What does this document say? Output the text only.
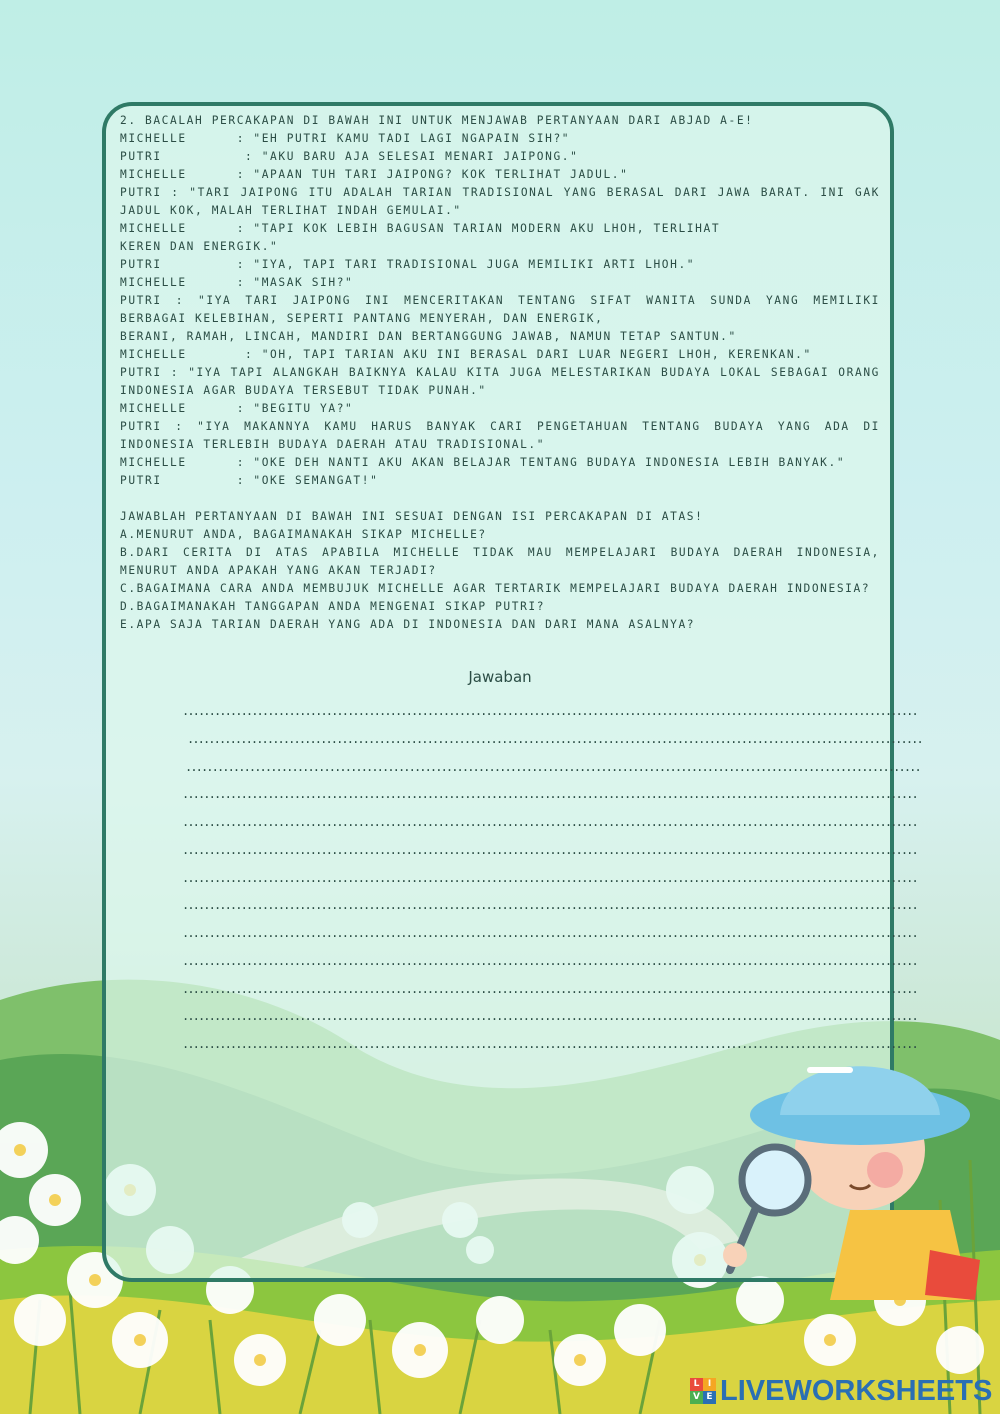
2. BACALAH PERCAKAPAN DI BAWAH INI UNTUK MENJAWAB PERTANYAAN DARI ABJAD A-E!
MICHELLE      : "EH PUTRI KAMU TADI LAGI NGAPAIN SIH?"
PUTRI          : "AKU BARU AJA SELESAI MENARI JAIPONG."
MICHELLE      : "APAAN TUH TARI JAIPONG? KOK TERLIHAT JADUL."
PUTRI : "TARI JAIPONG ITU ADALAH TARIAN TRADISIONAL YANG BERASAL DARI JAWA BARAT. INI GAK JADUL KOK, MALAH TERLIHAT INDAH GEMULAI."
MICHELLE      : "TAPI KOK LEBIH BAGUSAN TARIAN MODERN AKU LHOH, TERLIHAT
KEREN DAN ENERGIK."
PUTRI         : "IYA, TAPI TARI TRADISIONAL JUGA MEMILIKI ARTI LHOH."
MICHELLE      : "MASAK SIH?"
PUTRI : "IYA TARI JAIPONG INI MENCERITAKAN TENTANG SIFAT WANITA SUNDA YANG MEMILIKI BERBAGAI KELEBIHAN, SEPERTI PANTANG MENYERAH, DAN ENERGIK,
BERANI, RAMAH, LINCAH, MANDIRI DAN BERTANGGUNG JAWAB, NAMUN TETAP SANTUN."
MICHELLE       : "OH, TAPI TARIAN AKU INI BERASAL DARI LUAR NEGERI LHOH, KERENKAN."
PUTRI : "IYA TAPI ALANGKAH BAIKNYA KALAU KITA JUGA MELESTARIKAN BUDAYA LOKAL SEBAGAI ORANG INDONESIA AGAR BUDAYA TERSEBUT TIDAK PUNAH."
MICHELLE      : "BEGITU YA?"
PUTRI : "IYA MAKANNYA KAMU HARUS BANYAK CARI PENGETAHUAN TENTANG BUDAYA YANG ADA DI INDONESIA TERLEBIH BUDAYA DAERAH ATAU TRADISIONAL."
MICHELLE      : "OKE DEH NANTI AKU AKAN BELAJAR TENTANG BUDAYA INDONESIA LEBIH BANYAK."
PUTRI         : "OKE SEMANGAT!"
JAWABLAH PERTANYAAN DI BAWAH INI SESUAI DENGAN ISI PERCAKAPAN DI ATAS!
A.MENURUT ANDA, BAGAIMANAKAH SIKAP MICHELLE?
B.DARI CERITA DI ATAS APABILA MICHELLE TIDAK MAU MEMPELAJARI BUDAYA DAERAH INDONESIA, MENURUT ANDA APAKAH YANG AKAN TERJADI?
C.BAGAIMANA CARA ANDA MEMBUJUK MICHELLE AGAR TERTARIK MEMPELAJARI BUDAYA DAERAH INDONESIA?
D.BAGAIMANAKAH TANGGAPAN ANDA MENGENAI SIKAP PUTRI?
E.APA SAJA TARIAN DAERAH YANG ADA DI INDONESIA DAN DARI MANA ASALNYA?
Jawaban
..........................................................................................................................................
..........................................................................................................................................
..........................................................................................................................................
..........................................................................................................................................
..........................................................................................................................................
..........................................................................................................................................
..........................................................................................................................................
..........................................................................................................................................
..........................................................................................................................................
..........................................................................................................................................
..........................................................................................................................................
..........................................................................................................................................
..........................................................................................................................................
L I
V E LIVEWORKSHEETS
